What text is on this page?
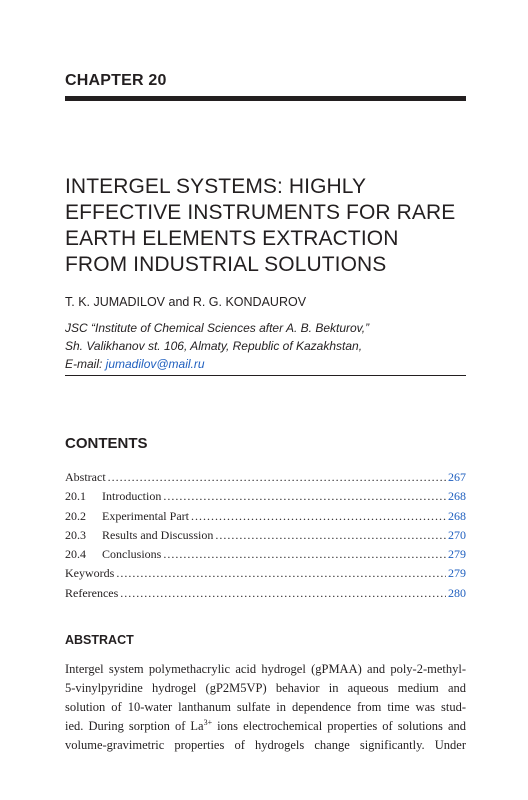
CHAPTER 20
INTERGEL SYSTEMS: HIGHLY
EFFECTIVE INSTRUMENTS FOR RARE
EARTH ELEMENTS EXTRACTION
FROM INDUSTRIAL SOLUTIONS

T. K. JUMADILOV and R. G. KONDAUROV

JSC “Institute of Chemical Sciences after A. B. Bekturov,”
Sh. Valikhanov st. 106, Almaty, Republic of Kazakhstan,
E-mail: jumadilov@mail.ru

CONTENTS
Abstract .....	267
20.1	Introduction .....	268
20.2	Experimental Part .....	268
20.3	Results and Discussion .....	270
20.4	Conclusions .....	279
Keywords .....	279
References .....	280
ABSTRACT
Intergel system polymethacrylic acid hydrogel (gPMAA) and poly-2-methyl-
5-vinylpyridine hydrogel (gP2M5VP) behavior in aqueous medium and
solution of 10-water lanthanum sulfate in dependence from time was stud-
ied. During sorption of $La^{3+}$ ions electrochemical properties of solutions and
volume-gravimetric properties of hydrogels change significantly. Under
